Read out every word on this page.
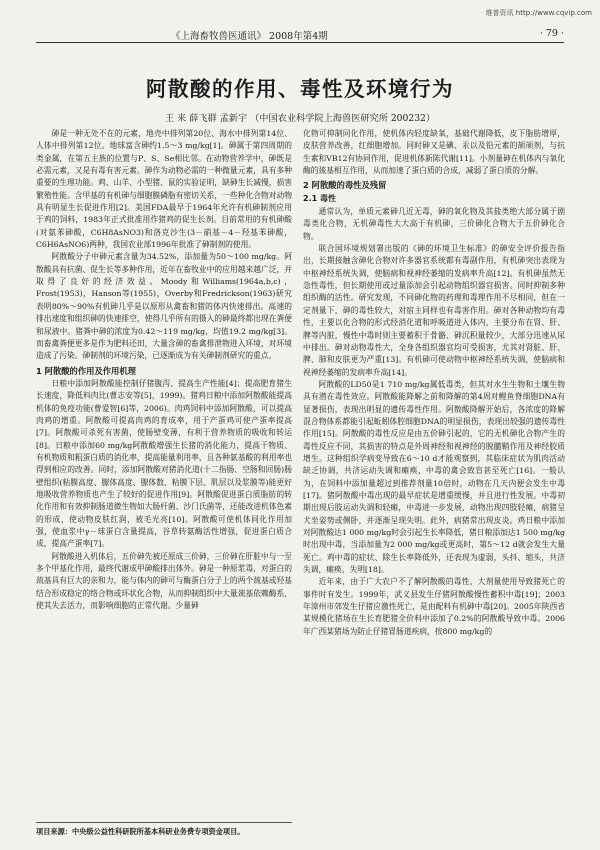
维普资讯 http://www.cqvip.com
《上海畜牧兽医通讯》 2008年第4期	· 79 ·
阿散酸的作用、毒性及环境行为
王 来 薛飞群 孟新宇 （中国农业科学院上海兽医研究所 200232）

砷是一种无处不在的元素，地壳中排列第20位、海水中排列第14位、人体中排列第12位。地球富含砷约1.5～3 mg/kg[1]。砷属于第四周期的类金属，在第五主族的位置与P、S、Se相比邻。在动物营养学中，砷既是必需元素，又是有毒有害元素。砷作为动物必需的一种微量元素，具有多种重要的生理功能。鸡、山羊、小型猪、鼠的实验证明，缺砷生长减慢，损害繁殖性能。含甲基的有机砷与细胞膜磷脂有密切关系，一些种化合物对动物具有明显生长促进作用[2]。美国FDA最早于1964年允许有机砷制剂应用于鸡的饲料，1983年正式批准用作猪鸡的促生长剂。目前常用的有机砷酸(对氨苯砷酸，C6H8AsNO3)和洛克沙生(3－硝基－4－羟基苯砷酸，C6H6AsNO6)两种，我国农业部1996年批准了砷制剂的使用。

阿散酸分子中砷元素含量为34.52%，添加量为50～100 mg/kg。阿散酸具有抗菌、促生长等多种作用，近年在畜牧业中的应用越来越广泛，并取得了良好的经济效益。Moody和Williams(1964a,b,c)，Frost(1953)，Hanson等(1955)，Overby和Fredrickson(1963)研究表明80%～90%有机砷几乎是以原形从禽畜和猪的体内快速排出。高速的排出速度和组织砷的快速排空，使得几乎所有的摄入的砷最终都出现在粪便和尿液中。猪粪中砷的浓度为0.42～119 mg/kg，均值19.2 mg/kg[3]。而畜禽粪便更多是作为肥料还田，大量含砷的畜禽排泄物进入环境，对环境造成了污染。砷制剂的环境污染，已逐渐成为有关砷制剂研究的重点。

1 阿散酸的作用及作用机理

日粮中添加阿散酸能控制仔猪腹泻、提高生产性能[4]；提高肥育猪生长速度，降低料肉比(曹志安等[5]，1999)。猪鸡日粮中添加阿散酸能提高机体的免疫功能(曹爱智[6]等，2006)。肉鸡饲料中添加阿散酸，可以提高肉鸡的增重。阿散酸可提高肉鸡的育成率，用于产蛋鸡可使产蛋率提高[7]。阿散酸可杀死有害菌，使肠壁变薄，有利于营养物质的吸收和转运[8]。日粮中添加60 mg/kg阿散酸增强生长猪的消化能力，提高干物质、有机物质和粗蛋白质的消化率，提高能量利用率，且各种氨基酸的利用率也得到相应的改善。同时，添加阿散酸对猪消化道(十二指肠、空肠和回肠)肠壁组织(粘膜高度、腺体高度、腺体数、粘膜下层、肌层以及浆膜等)能更好地吸收营养物质也产生了较好的促进作用[9]。阿散酸促进蛋白质脂肪的转化作用和有效抑制肠道微生物如大肠杆菌、沙门氏菌等，还能改进机体色素的形成，使动物皮肤红润，被毛光亮[10]。阿散酸可使机体同化作用加强，使血浆中γ－球蛋白含量提高，谷草转氨酶活性增强，促进蛋白质合成，提高产蛋率[7]。

阿散酸进入机体后，五价砷先被还原成三价砷，三价砷在肝脏中与一至多个甲基化作用，最终代谢成甲砷酸排出体外。砷是一种原浆毒，对蛋白的巯基具有巨大的亲和力，能与体内的砷可与酶蛋白分子上的两个巯基或羟基结合形成稳定的络合物或环状化合物，从而抑制组织中大量巯基依赖酶系，使其失去活力，而影响细胞的正常代谢。少量砷

化物可抑制同化作用，使机体内轻度缺氧，基础代谢降低，皮下脂肪增厚，皮肤营养改善，红细胞增加。同时砷又是碘、汞以及铅元素的颉颃剂，与抗生素和VB12有协同作用，促进机体新陈代谢[11]。小剂量砷在机体内与氧化酶的巯基相互作用，从而加速了蛋白质的合成，减弱了蛋白质的分解。

2 阿散酸的毒性及残留
2.1 毒性

通常认为，单质元素砷几近无毒，砷的氧化物及其盐类绝大部分属于剧毒类化合物，无机砷毒性大大高于有机砷，三价砷化合物大于五价砷化合物。

联合国环境规划署出版的《砷的环境卫生标准》的砷安全评价报告指出，长期接触含砷化合物对许多器官系统都有毒副作用，有机砷突出表现为中枢神经系统失调，使脑病和视神经萎缩的发病率升高[12]。有机砷虽然无急性毒性，但长期使用或过量添加会引起动物组织器官损害。同时抑制多种组织酶的活性。研究发现，不同砷化物的药理和毒理作用不尽相同，但在一定剂量下，砷的毒性较大，对宿主同样也有毒害作用。砷对各种动物均有毒性，主要以化合物的形式经消化道和呼吸道进入体内，主要分布在肾、肝、脾等内脏，慢性中毒时则主要蓄积于骨骼、砷沉积量较少，大部分迅速从尿中排出。砷对动物毒性大，全身各组织器官均可受损害，尤其对肾脏、肝、脾、肺和皮肤更为严重[13]。有机砷可使动物中枢神经系统失调，使脑病和视神经萎缩的发病率升高[14]。

阿散酸的LD50是1 710 mg/kg属低毒类，但其对水生生物和土壤生物具有潜在毒性效应。阿散酸能降解之前和降解的第4周对鲤鱼脊细胞DNA有显著损伤，表现出明显的遗传毒性作用。阿散酸降解开始后，各浓度的降解混合物体系都能引起蚯蚓体腔细胞DNA的明显损伤，表现出较强的遗传毒性作用[15]。阿散酸的毒性反应是由五价砷引起的，它的无机砷化合物产生的毒性反应不同，其损害的特点是外周神经和视神经的脱髓鞘作用及神经胶质增生。这种组织学病变导致在6～10 d才能观察到，其临床症状为肌肉活动缺乏协调，共济运动失调和瘫痪，中毒的禽会致盲甚至死亡[16]。一般认为，在饲料中添加量超过到推荐剂量10倍时，动物在几天内便会发生中毒[17]。猪阿散酸中毒出现的最早症状是增重缓慢，并且进行性发展。中毒初期出现后肢运动失调和轻瘫，中毒进一步发展，动物出现四肢轻瘫，病猪呈犬坐姿势或侧卧，并逐渐呈现失明。此外，病猪常出现皮炎。鸡日粮中添加对阿散酸达1 000 mg/kg时会引起生长率降低，猪日粮添加达1 500 mg/kg时出现中毒，当添加量为2 000 mg/kg或更高时，第5～12 d就会发生大量死亡。鸡中毒的症状、除生长率降低外，还表现为虚弱，头抖、缩头，共济失调，瘫痪，失明[18]。

近年来，由于广大农户不了解阿散酸的毒性，大剂量使用导致猪死亡的事件时有发生。1999年，武义县发生仔猪阿散酸慢性蓄积中毒[19]；2003年漳州市郊发生仔猪应激性死亡，是由配料有机砷中毒[20]。2005年陕西省某规模化猪场在生长育肥猪全价料中添加了0.2%的阿散酸导致中毒。2006年广西某猪场为防止仔猪胃肠道疾病，按800 mg/kg的

项目来源：中央级公益性科研院所基本科研业务费专项资金项目。
